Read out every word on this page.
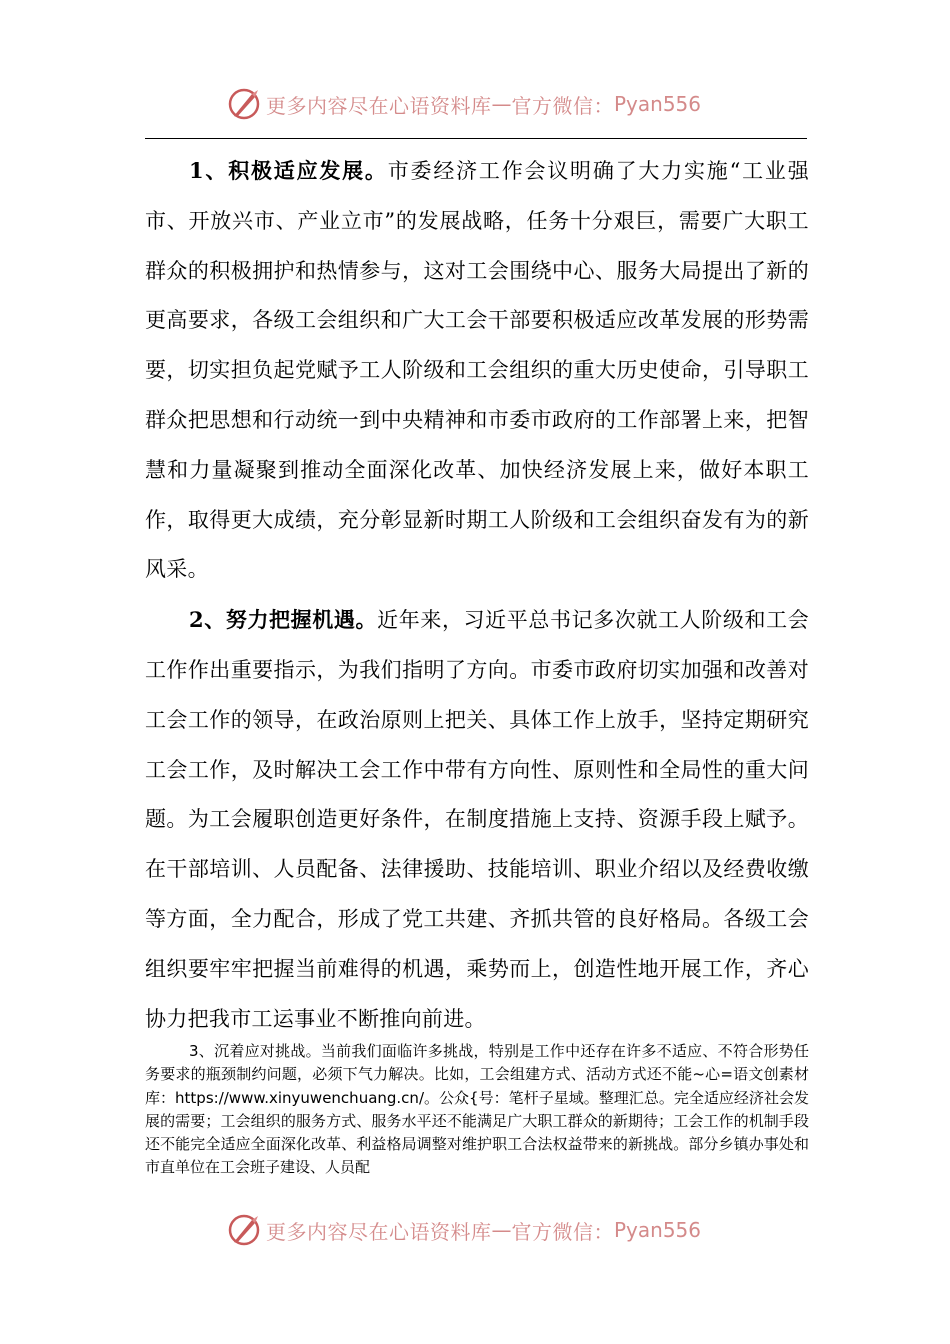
更多内容尽在心语资料库 — 官方微信： Pyan556

1、积极适应发展。市委经济工作会议明确了大力实施“工业强市、开放兴市、产业立市”的发展战略，任务十分艰巨，需要广大职工群众的积极拥护和热情参与，这对工会围绕中心、服务大局提出了新的更高要求，各级工会组织和广大工会干部要积极适应改革发展的形势需要，切实担负起党赋予工人阶级和工会组织的重大历史使命，引导职工群众把思想和行动统一到中央精神和市委市政府的工作部署上来，把智慧和力量凝聚到推动全面深化改革、加快经济发展上来，做好本职工作，取得更大成绩，充分彰显新时期工人阶级和工会组织奋发有为的新风采。

2、努力把握机遇。近年来，习近平总书记多次就工人阶级和工会工作作出重要指示，为我们指明了方向。市委市政府切实加强和改善对工会工作的领导，在政治原则上把关、具体工作上放手，坚持定期研究工会工作，及时解决工会工作中带有方向性、原则性和全局性的重大问题。为工会履职创造更好条件，在制度措施上支持、资源手段上赋予。在干部培训、人员配备、法律援助、技能培训、职业介绍以及经费收缴等方面，全力配合，形成了党工共建、齐抓共管的良好格局。各级工会组织要牢牢把握当前难得的机遇，乘势而上，创造性地开展工作，齐心协力把我市工运事业不断推向前进。

3、沉着应对挑战。当前我们面临许多挑战，特别是工作中还存在许多不适应、不符合形势任务要求的瓶颈制约问题，必须下气力解决。比如，工会组建方式、活动方式还不能~心=语文创素材库：https://www.xinyuwenchuang.cn/。公众{号：笔杆子星域。整理汇总。完全适应经济社会发展的需要；工会组织的服务方式、服务水平还不能满足广大职工群众的新期待；工会工作的机制手段还不能完全适应全面深化改革、利益格局调整对维护职工合法权益带来的新挑战。部分乡镇办事处和市直单位在工会班子建设、人员配

更多内容尽在心语资料库 — 官方微信： Pyan556
